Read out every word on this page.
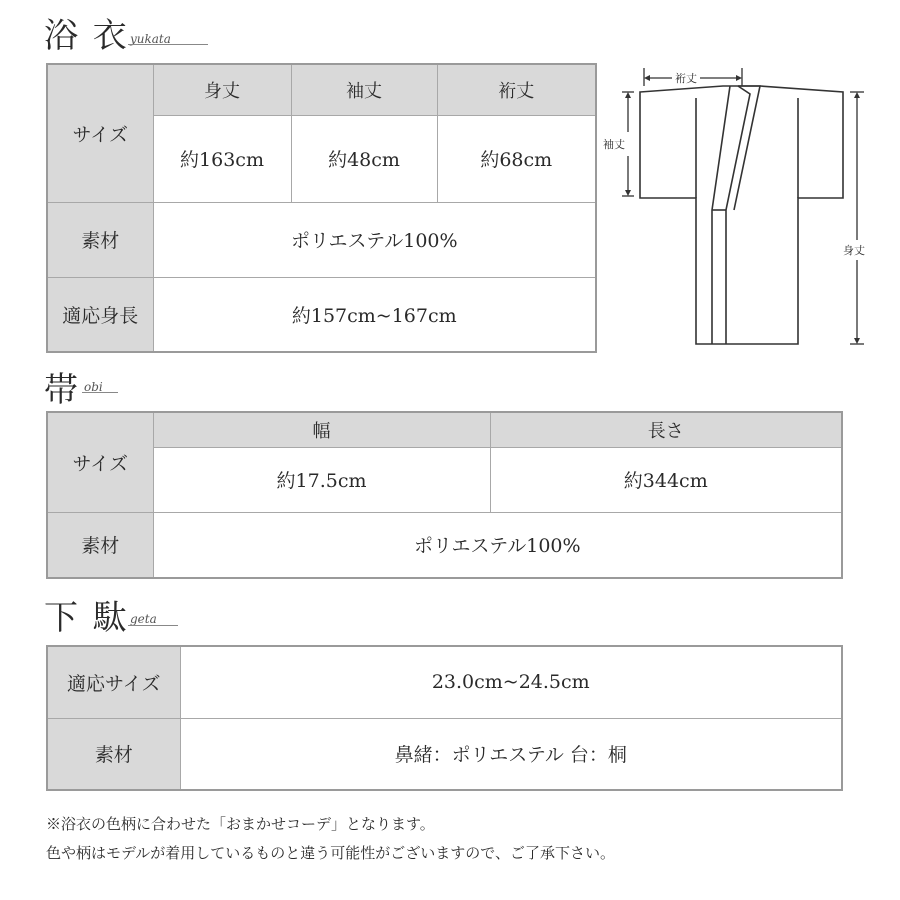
浴 衣 yukata
サイズ	身丈	袖丈	裄丈
	約163cm	約48cm	約68cm
素材	ポリエステル100%		
適応身長	約157cm~167cm		
裄丈
袖丈
身丈
帯 obi
サイズ	幅	長さ
	約17.5cm	約344cm
素材	ポリエステル100%	
下 駄 geta
適応サイズ	23.0cm~24.5cm
素材	鼻緒：ポリエステル 台：桐
※浴衣の色柄に合わせた「おまかせコーデ」となります。
色や柄はモデルが着用しているものと違う可能性がございますので、ご了承下さい。
